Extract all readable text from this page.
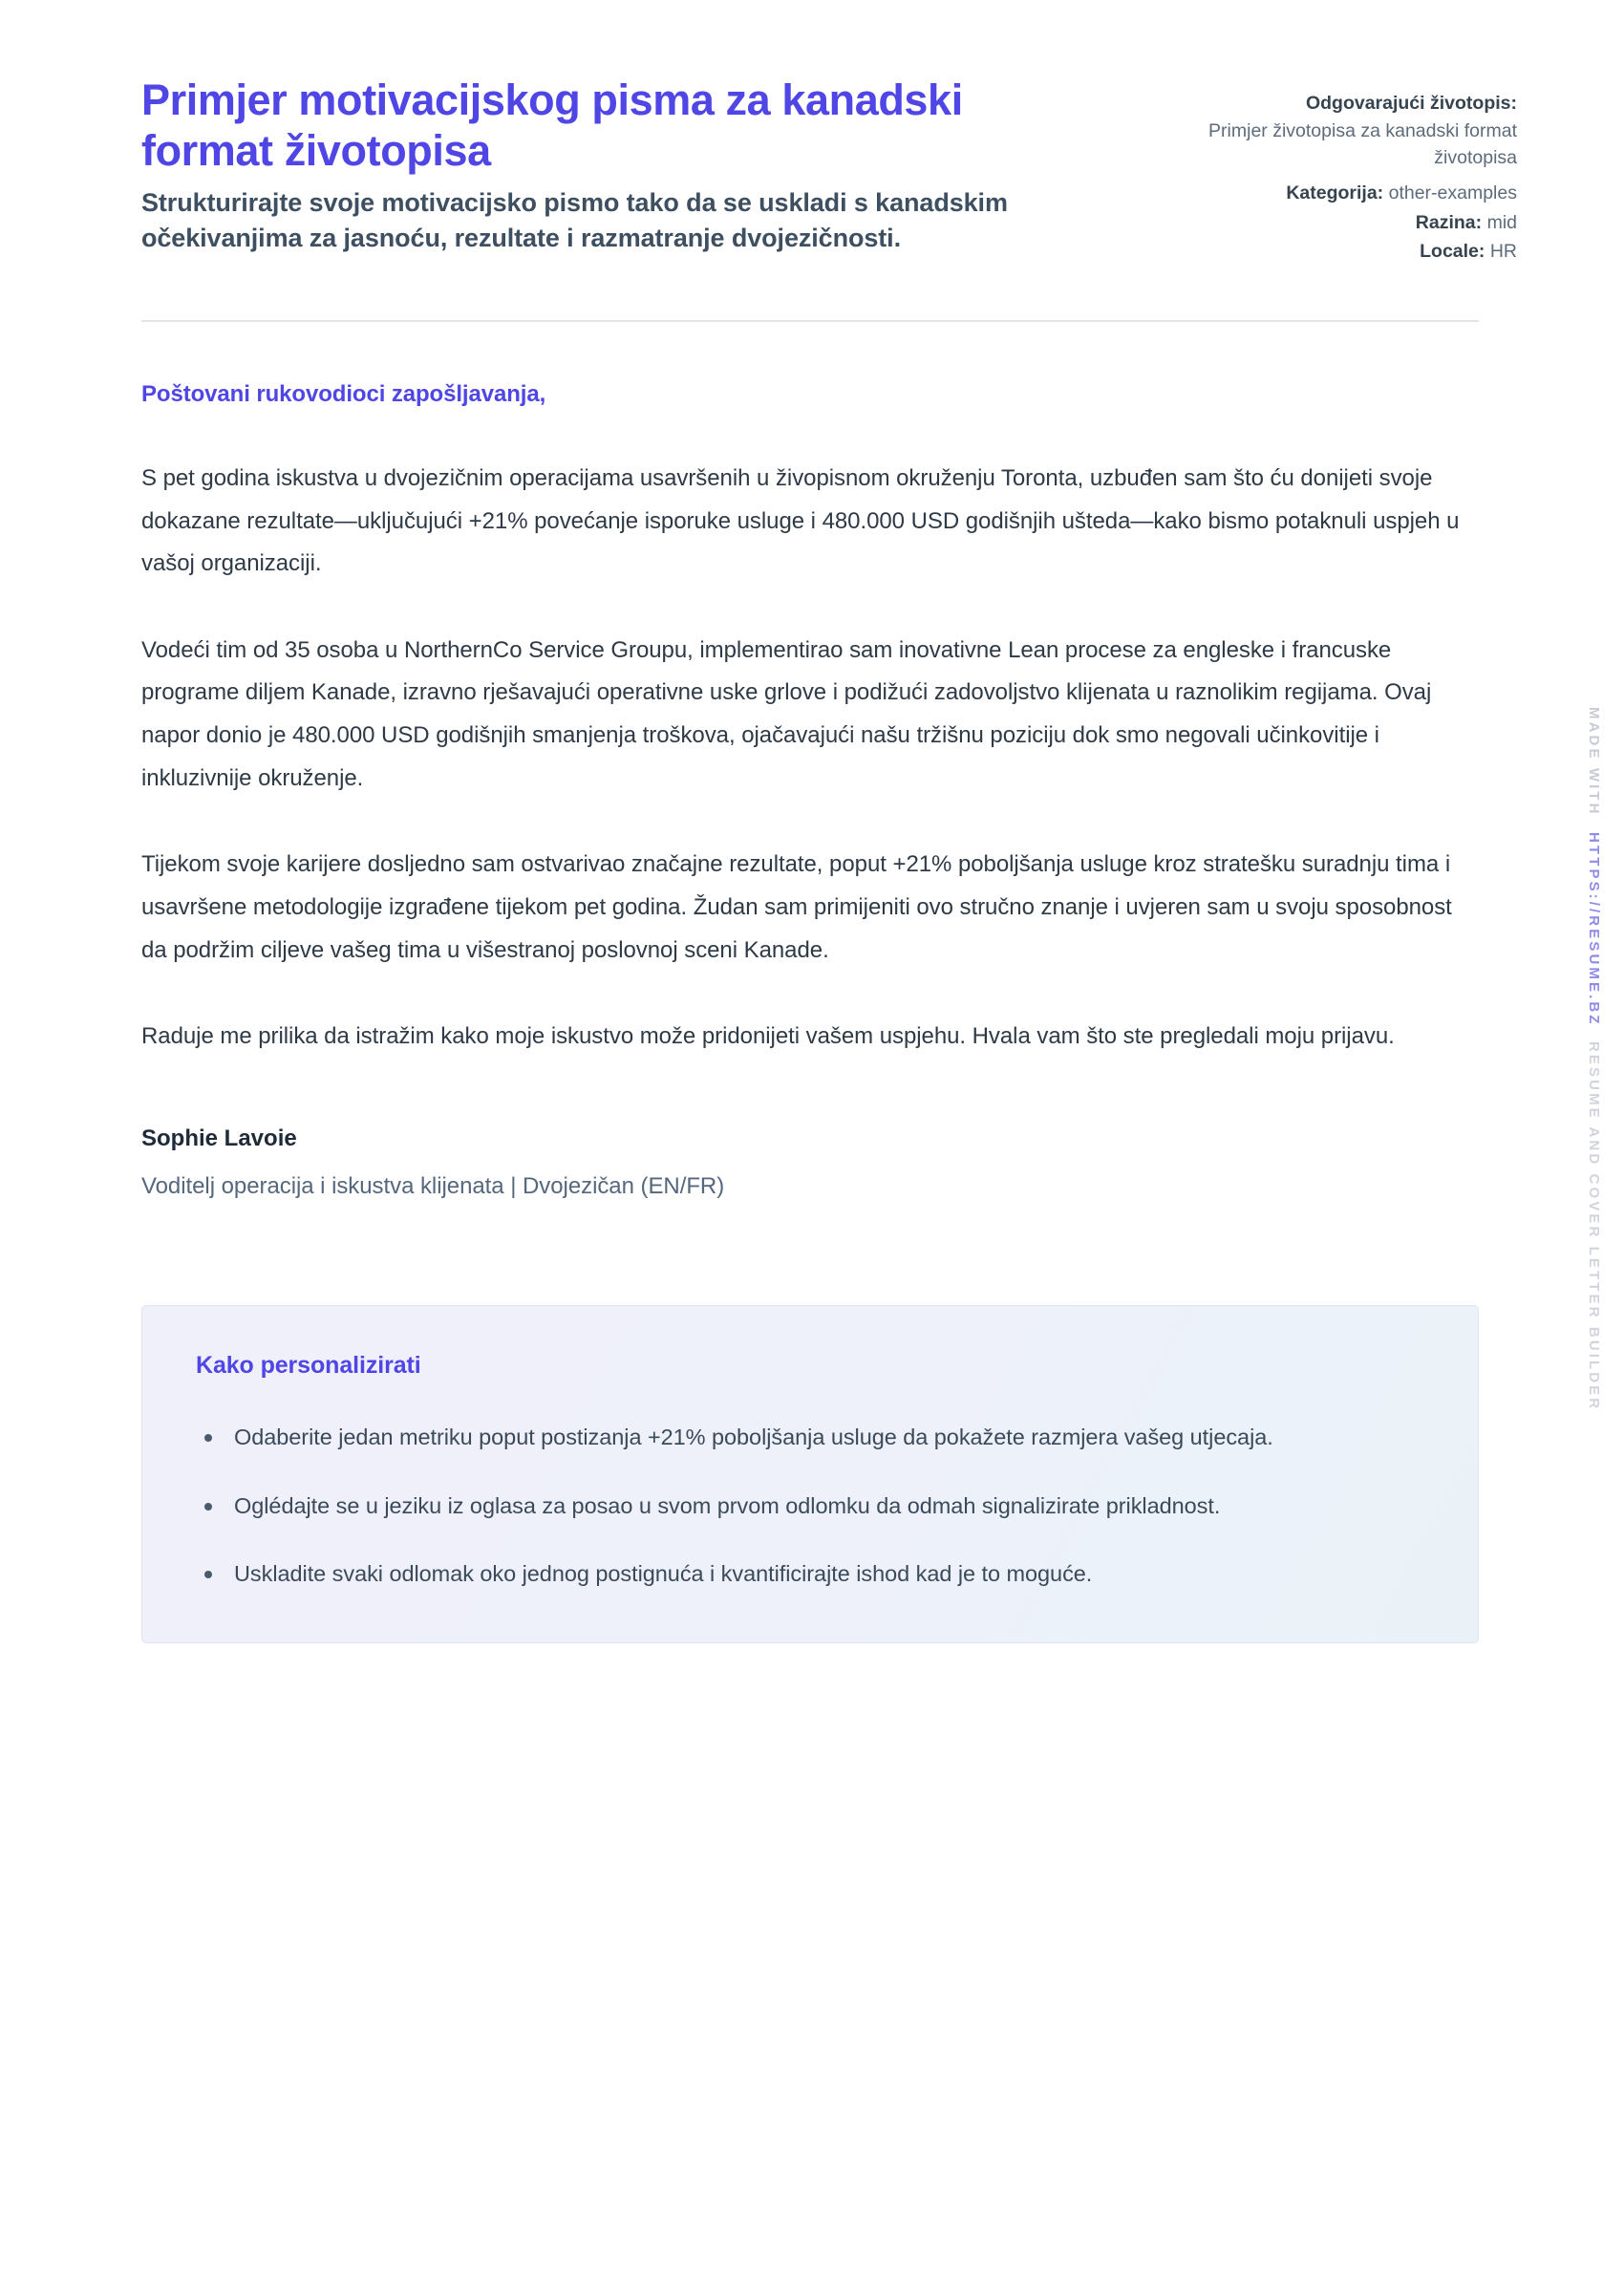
Primjer motivacijskog pisma za kanadski format životopisa

Strukturirajte svoje motivacijsko pismo tako da se uskladi s kanadskim očekivanjima za jasnoću, rezultate i razmatranje dvojezičnosti.

Odgovarajući životopis:
Primjer životopisa za kanadski format životopisa
Kategorija: other-examples
Razina: mid
Locale: HR

Poštovani rukovodioci zapošljavanja,

S pet godina iskustva u dvojezičnim operacijama usavršenih u živopisnom okruženju Toronta, uzbuđen sam što ću donijeti svoje dokazane rezultate—uključujući +21% povećanje isporuke usluge i 480.000 USD godišnjih ušteda—kako bismo potaknuli uspjeh u vašoj organizaciji.

Vodeći tim od 35 osoba u NorthernCo Service Groupu, implementirao sam inovativne Lean procese za engleske i francuske programe diljem Kanade, izravno rješavajući operativne uske grlove i podižući zadovoljstvo klijenata u raznolikim regijama. Ovaj napor donio je 480.000 USD godišnjih smanjenja troškova, ojačavajući našu tržišnu poziciju dok smo negovali učinkovitije i inkluzivnije okruženje.

Tijekom svoje karijere dosljedno sam ostvarivao značajne rezultate, poput +21% poboljšanja usluge kroz stratešku suradnju tima i usavršene metodologije izgrađene tijekom pet godina. Žudan sam primijeniti ovo stručno znanje i uvjeren sam u svoju sposobnost da podržim ciljeve vašeg tima u višestranoj poslovnoj sceni Kanade.

Raduje me prilika da istražim kako moje iskustvo može pridonijeti vašem uspjehu. Hvala vam što ste pregledali moju prijavu.

Sophie Lavoie
Voditelj operacija i iskustva klijenata | Dvojezičan (EN/FR)
Kako personalizirati
Odaberite jedan metriku poput postizanja +21% poboljšanja usluge da pokažete razmjera vašeg utjecaja.
Oglédajte se u jeziku iz oglasa za posao u svom prvom odlomku da odmah signalizirate prikladnost.
Uskladite svaki odlomak oko jednog postignuća i kvantificirajte ishod kad je to moguće.
MADE WITH
HTTPS://RESUME.BZ
RESUME AND COVER LETTER BUILDER
